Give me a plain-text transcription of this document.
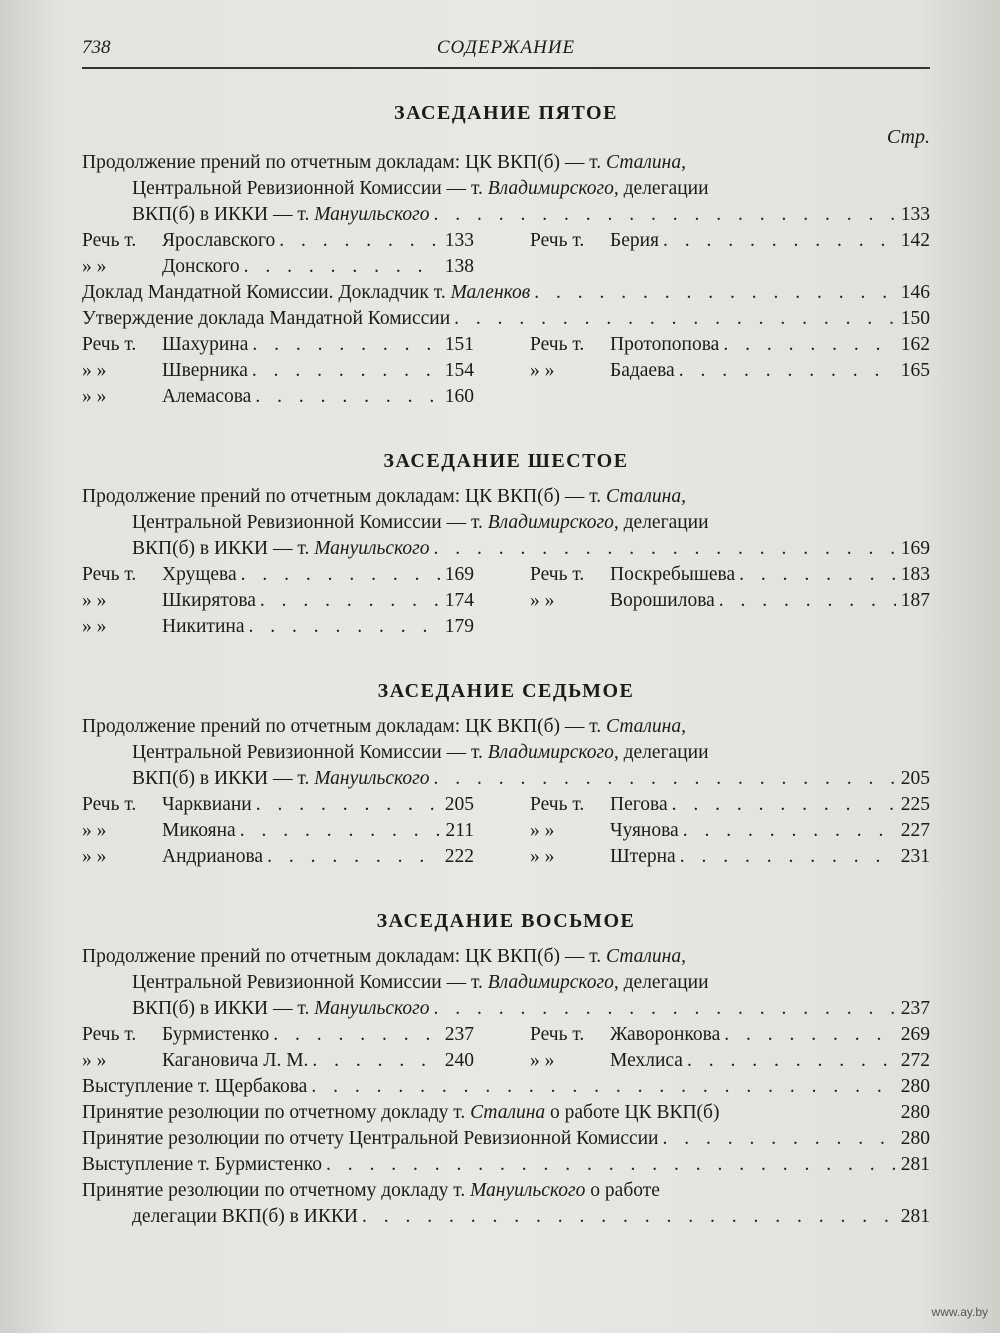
738	СОДЕРЖАНИЕ
ЗАСЕДАНИЕ ПЯТОЕ
Стр.
Продолжение прений по отчетным докладам: ЦК ВКП(б) — т. Сталина,
Центральной Ревизионной Комиссии — т. Владимирского, делегации
ВКП(б) в ИККИ — т. Мануильского . . .	133
Речь т.	Ярославского . . .	133
» »	Донского . . .	138
Речь т.	Берия . . .	142
Доклад Мандатной Комиссии. Докладчик т. Маленков . . .	146
Утверждение доклада Мандатной Комиссии . . .	150
Речь т.	Шахурина . . .	151
» »	Шверника . . .	154
» »	Алемасова . . .	160
Речь т.	Протопопова . . .	162
» »	Бадаева . . .	165
ЗАСЕДАНИЕ ШЕСТОЕ
Продолжение прений по отчетным докладам: ЦК ВКП(б) — т. Сталина,
Центральной Ревизионной Комиссии — т. Владимирского, делегации
ВКП(б) в ИККИ — т. Мануильского . . .	169
Речь т.	Хрущева . . .	169
» »	Шкирятова . . .	174
» »	Никитина . . .	179
Речь т.	Поскребышева . . .	183
» »	Ворошилова . . .	187
ЗАСЕДАНИЕ СЕДЬМОЕ
Продолжение прений по отчетным докладам: ЦК ВКП(б) — т. Сталина,
Центральной Ревизионной Комиссии — т. Владимирского, делегации
ВКП(б) в ИККИ — т. Мануильского . . .	205
Речь т.	Чарквиани . . .	205
» »	Микояна . . .	211
» »	Андрианова . . .	222
Речь т.	Пегова . . .	225
» »	Чуянова . . .	227
» »	Штерна . . .	231
ЗАСЕДАНИЕ ВОСЬМОЕ
Продолжение прений по отчетным докладам: ЦК ВКП(б) — т. Сталина,
Центральной Ревизионной Комиссии — т. Владимирского, делегации
ВКП(б) в ИККИ — т. Мануильского . . .	237
Речь т.	Бурмистенко . . .	237
» »	Кагановича Л. М. . . .	240
Речь т.	Жаворонкова . . .	269
» »	Мехлиса . . .	272
Выступление т. Щербакова . . .	280
Принятие резолюции по отчетному докладу т. Сталина о работе ЦК ВКП(б)	280
Принятие резолюции по отчету Центральной Ревизионной Комиссии . . .	280
Выступление т. Бурмистенко . . .	281
Принятие резолюции по отчетному докладу т. Мануильского о работе
делегации ВКП(б) в ИККИ . . .	281
www.ay.by
